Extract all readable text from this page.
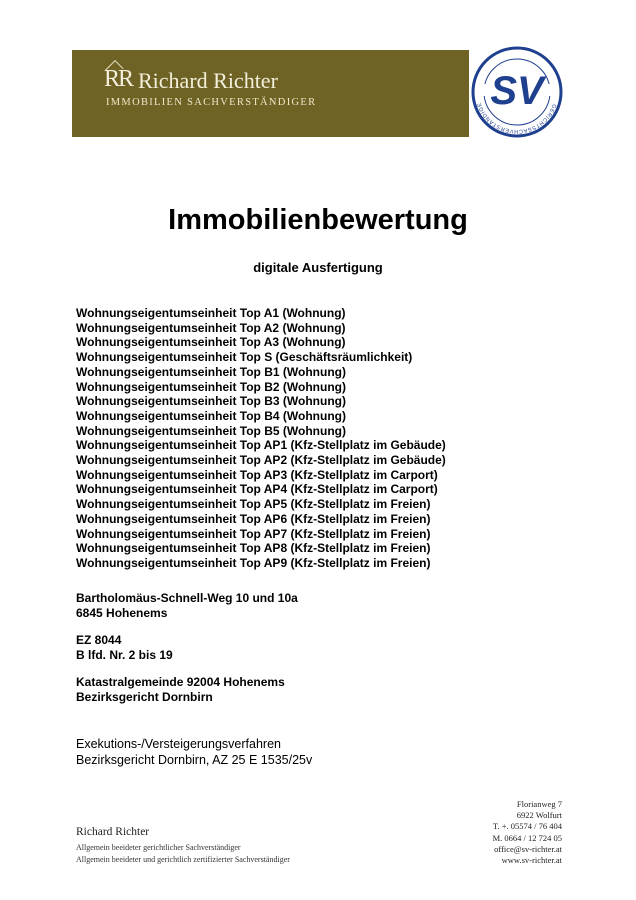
RR Richard Richter
IMMOBILIEN SACHVERSTÄNDIGER	SV	GERICHTSSACHVERSTÄNDIGE
Immobilienbewertung
digitale Ausfertigung
Wohnungseigentumseinheit Top A1 (Wohnung)
Wohnungseigentumseinheit Top A2 (Wohnung)
Wohnungseigentumseinheit Top A3 (Wohnung)
Wohnungseigentumseinheit Top S (Geschäftsräumlichkeit)
Wohnungseigentumseinheit Top B1 (Wohnung)
Wohnungseigentumseinheit Top B2 (Wohnung)
Wohnungseigentumseinheit Top B3 (Wohnung)
Wohnungseigentumseinheit Top B4 (Wohnung)
Wohnungseigentumseinheit Top B5 (Wohnung)
Wohnungseigentumseinheit Top AP1 (Kfz-Stellplatz im Gebäude)
Wohnungseigentumseinheit Top AP2 (Kfz-Stellplatz im Gebäude)
Wohnungseigentumseinheit Top AP3 (Kfz-Stellplatz im Carport)
Wohnungseigentumseinheit Top AP4 (Kfz-Stellplatz im Carport)
Wohnungseigentumseinheit Top AP5 (Kfz-Stellplatz im Freien)
Wohnungseigentumseinheit Top AP6 (Kfz-Stellplatz im Freien)
Wohnungseigentumseinheit Top AP7 (Kfz-Stellplatz im Freien)
Wohnungseigentumseinheit Top AP8 (Kfz-Stellplatz im Freien)
Wohnungseigentumseinheit Top AP9 (Kfz-Stellplatz im Freien)
Bartholomäus-Schnell-Weg 10 und 10a
6845 Hohenems
EZ 8044
B lfd. Nr. 2 bis 19
Katastralgemeinde 92004 Hohenems
Bezirksgericht Dornbirn
Exekutions-/Versteigerungsverfahren
Bezirksgericht Dornbirn, AZ 25 E 1535/25v
Richard Richter
Allgemein beeideter gerichtlicher Sachverständiger
Allgemein beeideter und gerichtlich zertifizierter Sachverständiger
Florianweg 7
6922 Wolfurt
T. +. 05574 / 76 404
M. 0664 / 12 724 05
office@sv-richter.at
www.sv-richter.at
